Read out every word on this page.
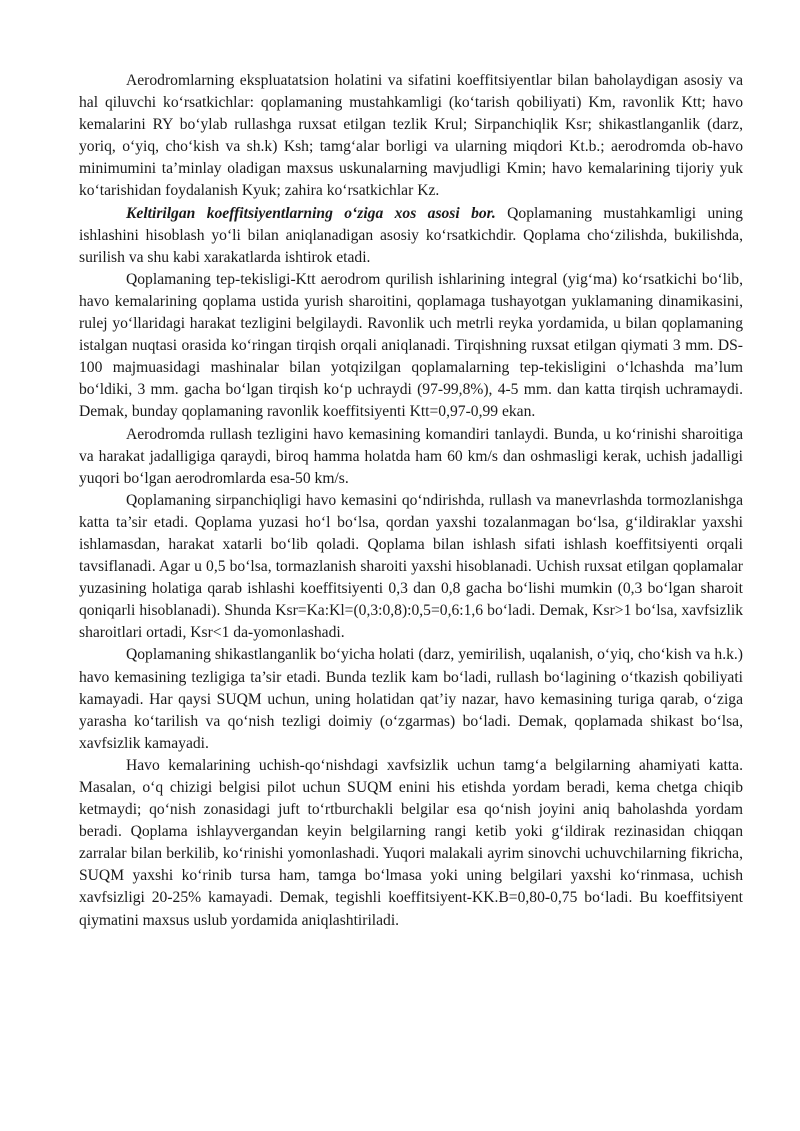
Aerodromlarning ekspluatatsion holatini va sifatini koeffitsiyentlar bilan baholaydigan asosiy va hal qiluvchi ko‘rsatkichlar: qoplamaning mustahkamligi (ko‘tarish qobiliyati) Km, ravonlik Ktt; havo kemalarini RY bo‘ylab rullashga ruxsat etilgan tezlik Krul; Sirpanchiqlik Ksr; shikastlanganlik (darz, yoriq, o‘yiq, cho‘kish va sh.k) Ksh; tamg‘alar borligi va ularning miqdori Kt.b.; aerodromda ob-havo minimumini ta’minlay oladigan maxsus uskunalarning mavjudligi Kmin; havo kemalarining tijoriy yuk ko‘tarishidan foydalanish Kyuk; zahira ko‘rsatkichlar Kz.

Keltirilgan koeffitsiyentlarning o‘ziga xos asosi bor. Qoplamaning mustahkamligi uning ishlashini hisoblash yo‘li bilan aniqlanadigan asosiy ko‘rsatkichdir. Qoplama cho‘zilishda, bukilishda, surilish va shu kabi xarakatlarda ishtirok etadi.

Qoplamaning tep-tekisligi-Ktt aerodrom qurilish ishlarining integral (yig‘ma) ko‘rsatkichi bo‘lib, havo kemalarining qoplama ustida yurish sharoitini, qoplamaga tushayotgan yuklamaning dinamikasini, rulej yo‘llaridagi harakat tezligini belgilaydi. Ravonlik uch metrli reyka yordamida, u bilan qoplamaning istalgan nuqtasi orasida ko‘ringan tirqish orqali aniqlanadi. Tirqishning ruxsat etilgan qiymati 3 mm. DS-100 majmuasidagi mashinalar bilan yotqizilgan qoplamalarning tep-tekisligini o‘lchashda ma’lum bo‘ldiki, 3 mm. gacha bo‘lgan tirqish ko‘p uchraydi (97-99,8%), 4-5 mm. dan katta tirqish uchramaydi. Demak, bunday qoplamaning ravonlik koeffitsiyenti Ktt=0,97-0,99 ekan.

Aerodromda rullash tezligini havo kemasining komandiri tanlaydi. Bunda, u ko‘rinishi sharoitiga va harakat jadalligiga qaraydi, biroq hamma holatda ham 60 km/s dan oshmasligi kerak, uchish jadalligi yuqori bo‘lgan aerodromlarda esa-50 km/s.

Qoplamaning sirpanchiqligi havo kemasini qo‘ndirishda, rullash va manevrlashda tormozlanishga katta ta’sir etadi. Qoplama yuzasi ho‘l bo‘lsa, qordan yaxshi tozalanmagan bo‘lsa, g‘ildiraklar yaxshi ishlamasdan, harakat xatarli bo‘lib qoladi. Qoplama bilan ishlash sifati ishlash koeffitsiyenti orqali tavsiflanadi. Agar u 0,5 bo‘lsa, tormazlanish sharoiti yaxshi hisoblanadi. Uchish ruxsat etilgan qoplamalar yuzasining holatiga qarab ishlashi koeffitsiyenti 0,3 dan 0,8 gacha bo‘lishi mumkin (0,3 bo‘lgan sharoit qoniqarli hisoblanadi). Shunda Ksr=Ka:Kl=(0,3:0,8):0,5=0,6:1,6 bo‘ladi. Demak, Ksr>1 bo‘lsa, xavfsizlik sharoitlari ortadi, Ksr<1 da-yomonlashadi.

Qoplamaning shikastlanganlik bo‘yicha holati (darz, yemirilish, uqalanish, o‘yiq, cho‘kish va h.k.) havo kemasining tezligiga ta’sir etadi. Bunda tezlik kam bo‘ladi, rullash bo‘lagining o‘tkazish qobiliyati kamayadi. Har qaysi SUQM uchun, uning holatidan qat’iy nazar, havo kemasining turiga qarab, o‘ziga yarasha ko‘tarilish va qo‘nish tezligi doimiy (o‘zgarmas) bo‘ladi. Demak, qoplamada shikast bo‘lsa, xavfsizlik kamayadi.

Havo kemalarining uchish-qo‘nishdagi xavfsizlik uchun tamg‘a belgilarning ahamiyati katta. Masalan, o‘q chizigi belgisi pilot uchun SUQM enini his etishda yordam beradi, kema chetga chiqib ketmaydi; qo‘nish zonasidagi juft to‘rtburchakli belgilar esa qo‘nish joyini aniq baholashda yordam beradi. Qoplama ishlayvergandan keyin belgilarning rangi ketib yoki g‘ildirak rezinasidan chiqqan zarralar bilan berkilib, ko‘rinishi yomonlashadi. Yuqori malakali ayrim sinovchi uchuvchilarning fikricha, SUQM yaxshi ko‘rinib tursa ham, tamga bo‘lmasa yoki uning belgilari yaxshi ko‘rinmasa, uchish xavfsizligi 20-25% kamayadi. Demak, tegishli koeffitsiyent-KK.B=0,80-0,75 bo‘ladi. Bu koeffitsiyent qiymatini maxsus uslub yordamida aniqlashtiriladi.
